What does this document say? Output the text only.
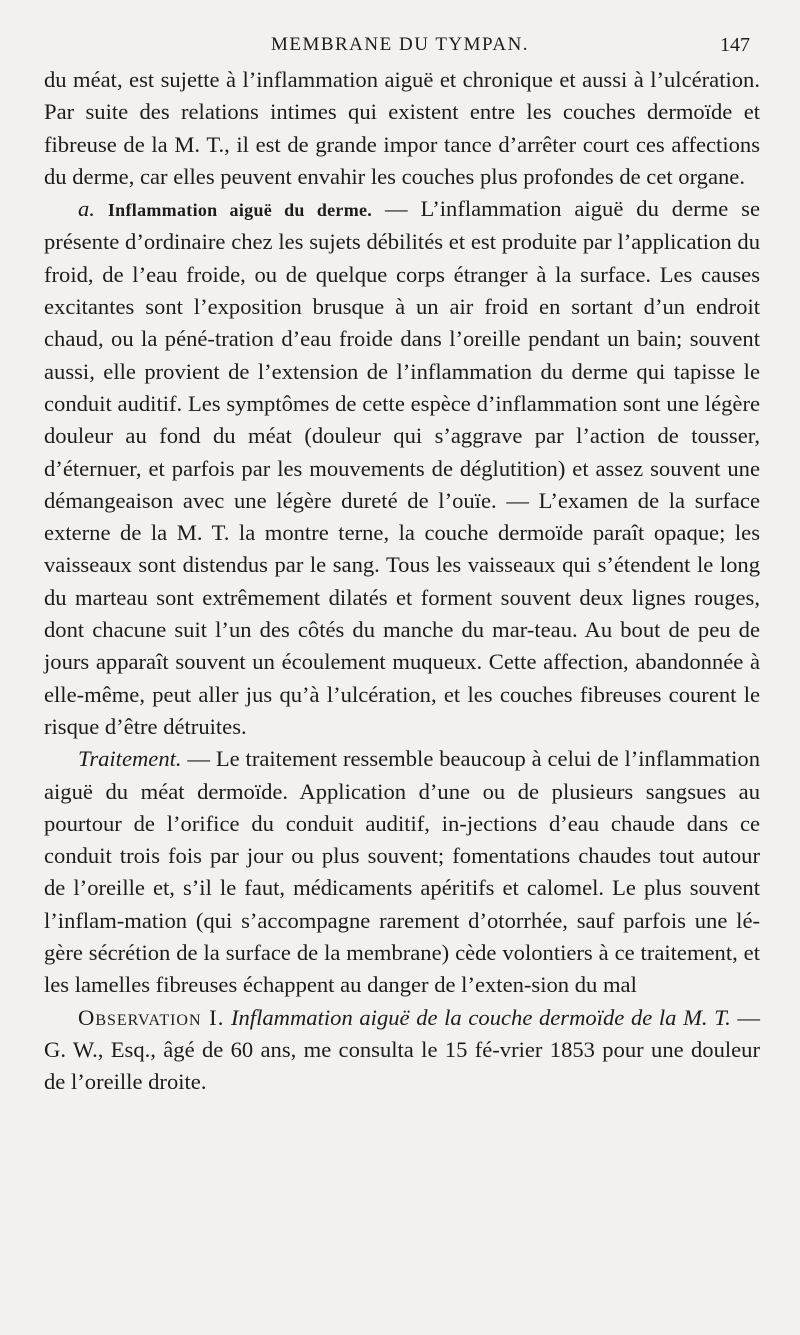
MEMBRANE DU TYMPAN.	147

du méat, est sujette à l’inflammation aiguë et chronique et aussi à l’ulcération. Par suite des relations intimes qui existent entre les couches dermoïde et fibreuse de la M. T., il est de grande impor tance d’arrêter court ces affections du derme, car elles peuvent envahir les couches plus profondes de cet organe.

a. Inflammation aiguë du derme. — L’inflammation aiguë du derme se présente d’ordinaire chez les sujets débilités et est produite par l’application du froid, de l’eau froide, ou de quelque corps étranger à la surface. Les causes excitantes sont l’exposition brusque à un air froid en sortant d’un endroit chaud, ou la péné-tration d’eau froide dans l’oreille pendant un bain; souvent aussi, elle provient de l’extension de l’inflammation du derme qui tapisse le conduit auditif. Les symptômes de cette espèce d’inflammation sont une légère douleur au fond du méat (douleur qui s’aggrave par l’action de tousser, d’éternuer, et parfois par les mouvements de déglutition) et assez souvent une démangeaison avec une légère dureté de l’ouïe. — L’examen de la surface externe de la M. T. la montre terne, la couche dermoïde paraît opaque; les vaisseaux sont distendus par le sang. Tous les vaisseaux qui s’étendent le long du marteau sont extrêmement dilatés et forment souvent deux lignes rouges, dont chacune suit l’un des côtés du manche du mar-teau. Au bout de peu de jours apparaît souvent un écoulement muqueux. Cette affection, abandonnée à elle-même, peut aller jus qu’à l’ulcération, et les couches fibreuses courent le risque d’être détruites.

Traitement. — Le traitement ressemble beaucoup à celui de l’inflammation aiguë du méat dermoïde. Application d’une ou de plusieurs sangsues au pourtour de l’orifice du conduit auditif, in-jections d’eau chaude dans ce conduit trois fois par jour ou plus souvent; fomentations chaudes tout autour de l’oreille et, s’il le faut, médicaments apéritifs et calomel. Le plus souvent l’inflam-mation (qui s’accompagne rarement d’otorrhée, sauf parfois une lé-gère sécrétion de la surface de la membrane) cède volontiers à ce traitement, et les lamelles fibreuses échappent au danger de l’exten-sion du mal

Observation I. Inflammation aiguë de la couche dermoïde de la M. T. — G. W., Esq., âgé de 60 ans, me consulta le 15 fé-vrier 1853 pour une douleur de l’oreille droite.
